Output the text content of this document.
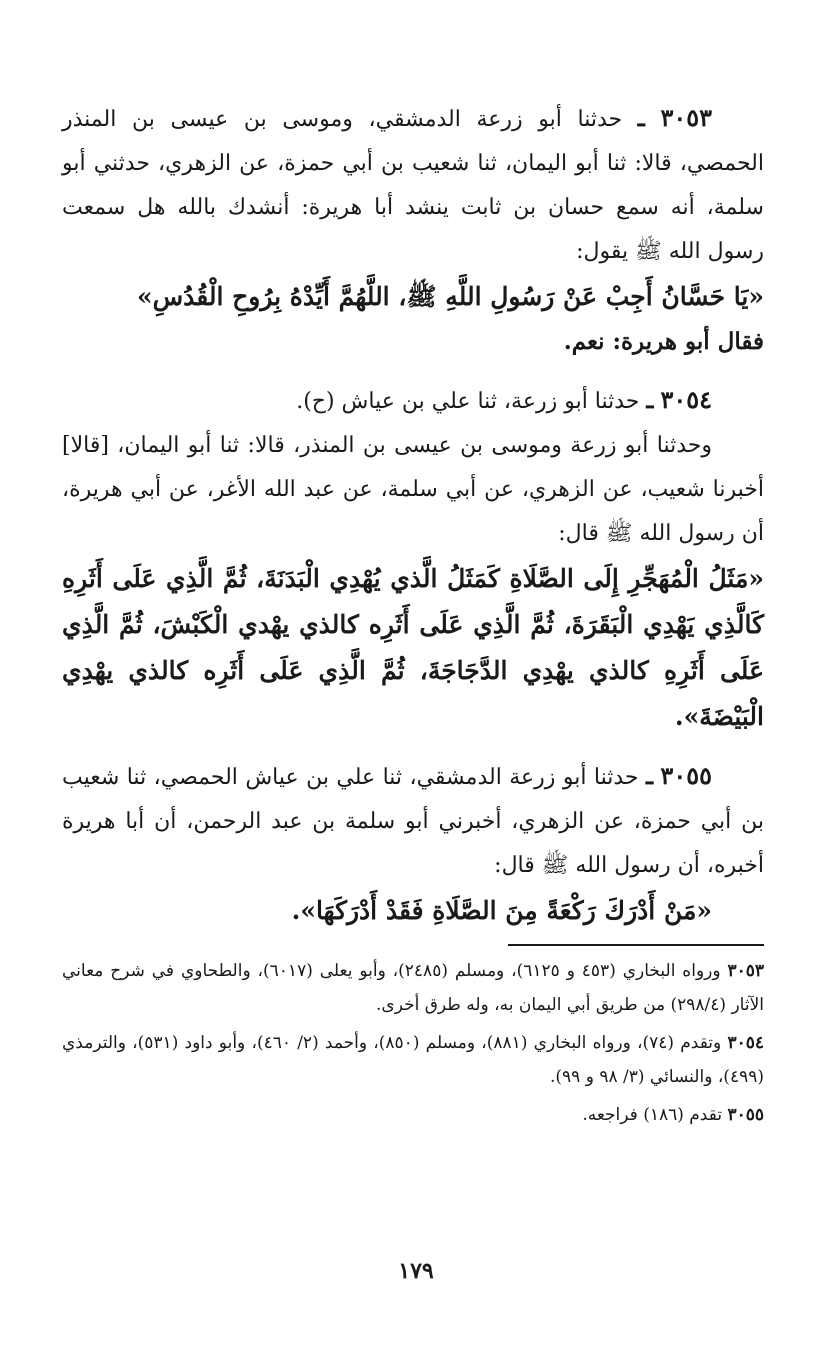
٣٠٥٣ ـ حدثنا أبو زرعة الدمشقي، وموسى بن عيسى بن المنذر الحمصي، قالا: ثنا أبو اليمان، ثنا شعيب بن أبي حمزة، عن الزهري، حدثني أبو سلمة، أنه سمع حسان بن ثابت ينشد أبا هريرة: أنشدك بالله هل سمعت رسول الله ﷺ يقول:

«يَا حَسَّانُ أَجِبْ عَنْ رَسُولِ اللَّهِ ﷺ، اللَّهُمَّ أَيِّدْهُ بِرُوحِ الْقُدُسِ»

فقال أبو هريرة: نعم.

٣٠٥٤ ـ حدثنا أبو زرعة، ثنا علي بن عياش (ح).

وحدثنا أبو زرعة وموسى بن عيسى بن المنذر، قالا: ثنا أبو اليمان، [قالا] أخبرنا شعيب، عن الزهري، عن أبي سلمة، عن عبد الله الأغر، عن أبي هريرة، أن رسول الله ﷺ قال:

«مَثَلُ الْمُهَجِّرِ إِلَى الصَّلَاةِ كَمَثَلُ الَّذي يُهْدِي الْبَدَنَةَ، ثُمَّ الَّذِي عَلَى أَثَرِهِ كَالَّذِي يَهْدِي الْبَقَرَةَ، ثُمَّ الَّذِي عَلَى أَثَرِه كالذي يهْدي الْكَبْشَ، ثُمَّ الَّذِي عَلَى أَثَرِهِ كالذي يهْدِي الدَّجَاجَةَ، ثُمَّ الَّذِي عَلَى أَثَرِه كالذي يهْدِي الْبَيْضَةَ».

٣٠٥٥ ـ حدثنا أبو زرعة الدمشقي، ثنا علي بن عياش الحمصي، ثنا شعيب بن أبي حمزة، عن الزهري، أخبرني أبو سلمة بن عبد الرحمن، أن أبا هريرة أخبره، أن رسول الله ﷺ قال:

«مَنْ أَدْرَكَ رَكْعَةً مِنَ الصَّلَاةِ فَقَدْ أَدْرَكَهَا».

٣٠٥٣ ورواه البخاري (٤٥٣ و ٦١٢٥)، ومسلم (٢٤٨٥)، وأبو يعلى (٦٠١٧)، والطحاوي في شرح معاني الآثار (٢٩٨/٤) من طريق أبي اليمان به، وله طرق أخرى.

٣٠٥٤ وتقدم (٧٤)، ورواه البخاري (٨٨١)، ومسلم (٨٥٠)، وأحمد (٢/ ٤٦٠)، وأبو داود (٥٣١)، والترمذي (٤٩٩)، والنسائي (٣/ ٩٨ و ٩٩).

٣٠٥٥ تقدم (١٨٦) فراجعه.

١٧٩
